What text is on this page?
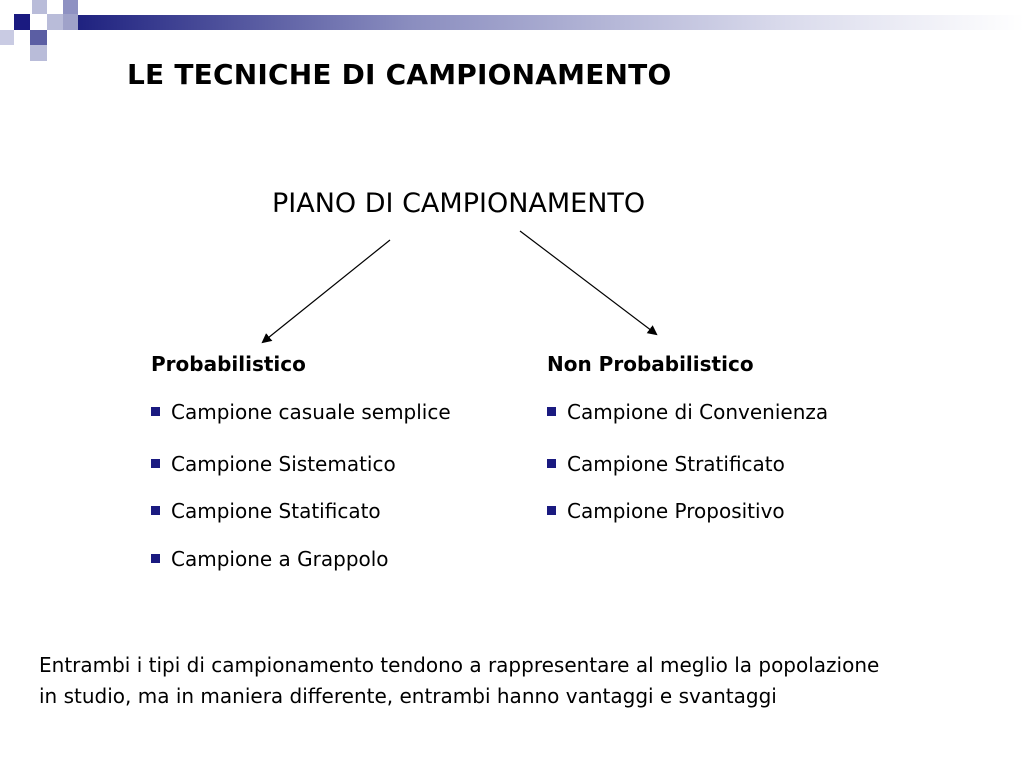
LE TECNICHE DI CAMPIONAMENTO
PIANO DI CAMPIONAMENTO
Probabilistico
Campione casuale semplice
Campione Sistematico
Campione Statificato
Campione a Grappolo
Non Probabilistico
Campione di Convenienza
Campione Stratificato
Campione Propositivo
Entrambi i tipi di campionamento tendono a rappresentare al meglio la popolazione
in studio, ma in maniera differente, entrambi hanno vantaggi e svantaggi
